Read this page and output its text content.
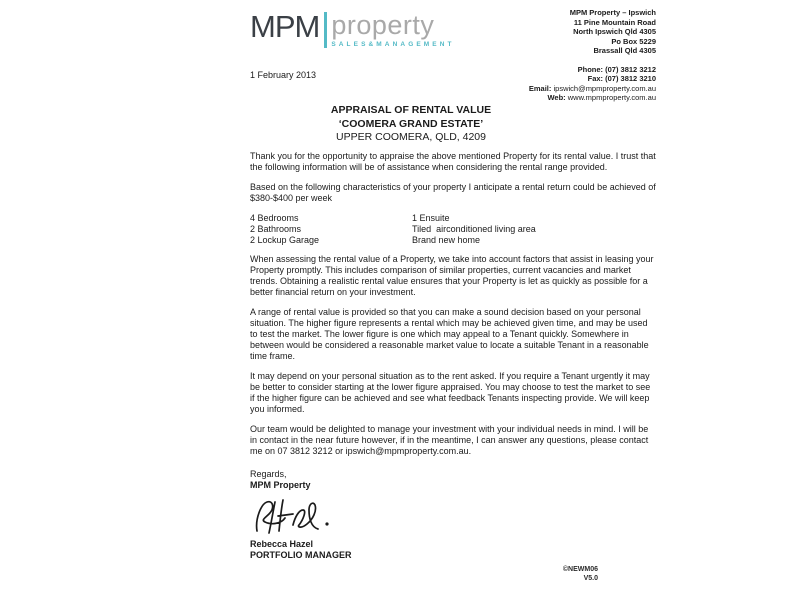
MPM property
SALES&MANAGEMENT
MPM Property – Ipswich
11 Pine Mountain Road
North Ipswich Qld 4305
Po Box 5229
Brassall Qld 4305
Phone: (07) 3812 3212
Fax: (07) 3812 3210
Email: ipswich@mpmproperty.com.au
Web: www.mpmproperty.com.au
1 February 2013
APPRAISAL OF RENTAL VALUE
‘COOMERA GRAND ESTATE’
UPPER COOMERA, QLD, 4209

Thank you for the opportunity to appraise the above mentioned Property for its rental value. I trust that the following information will be of assistance when considering the rental range provided.

Based on the following characteristics of your property I anticipate a rental return could be achieved of $380-$400 per week

4 Bedrooms
2 Bathrooms
2 Lockup Garage
1 Ensuite
Tiled  airconditioned living area
Brand new home

When assessing the rental value of a Property, we take into account factors that assist in leasing your Property promptly. This includes comparison of similar properties, current vacancies and market trends. Obtaining a realistic rental value ensures that your Property is let as quickly as possible for a better financial return on your investment.

A range of rental value is provided so that you can make a sound decision based on your personal situation. The higher figure represents a rental which may be achieved given time, and may be used to test the market. The lower figure is one which may appeal to a Tenant quickly. Somewhere in between would be considered a reasonable market value to locate a suitable Tenant in a reasonable time frame.

It may depend on your personal situation as to the rent asked. If you require a Tenant urgently it may be better to consider starting at the lower figure appraised. You may choose to test the market to see if the higher figure can be achieved and see what feedback Tenants inspecting provide. We will keep you informed.

Our team would be delighted to manage your investment with your individual needs in mind. I will be in contact in the near future however, if in the meantime, I can answer any questions, please contact me on 07 3812 3212 or ipswich@mpmproperty.com.au.

Regards,
MPM Property
Rebecca Hazel
PORTFOLIO MANAGER
©NEWM06
V5.0
